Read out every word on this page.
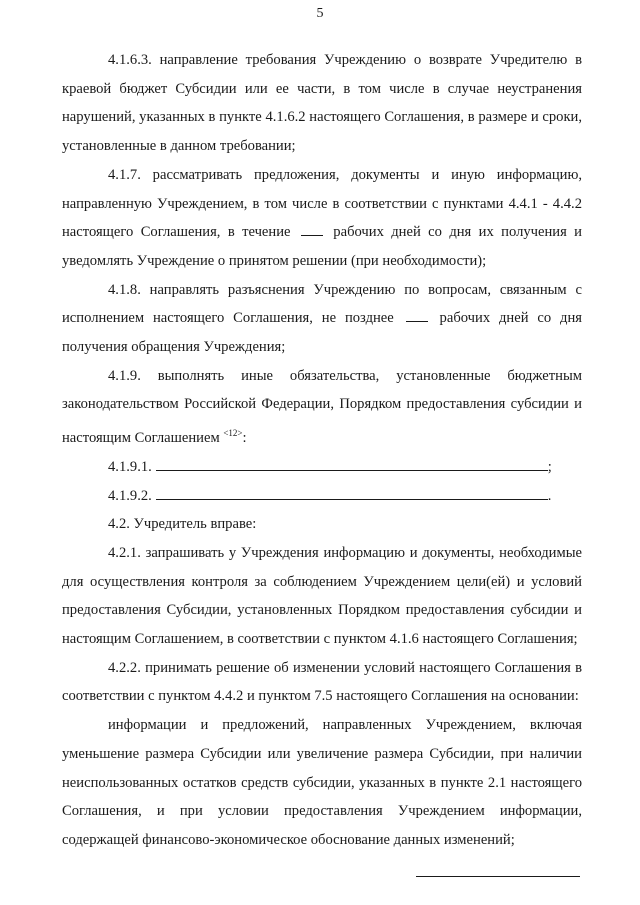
5

4.1.6.3. направление требования Учреждению о возврате Учредителю в краевой бюджет Субсидии или ее части, в том числе в случае неустранения нарушений, указанных в пункте 4.1.6.2 настоящего Соглашения, в размере и сроки, установленные в данном требовании;

4.1.7. рассматривать предложения, документы и иную информацию, направленную Учреждением, в том числе в соответствии с пунктами 4.4.1 - 4.4.2 настоящего Соглашения, в течение	рабочих дней со дня их получения и уведомлять Учреждение о принятом решении (при необходимости);

4.1.8. направлять разъяснения Учреждению по вопросам, связанным с исполнением настоящего Соглашения, не позднее	рабочих дней со дня получения обращения Учреждения;

4.1.9. выполнять иные обязательства, установленные бюджетным законодательством Российской Федерации, Порядком предоставления субсидии и настоящим Соглашением $^{<12>}$:

4.1.9.1.	;
4.1.9.2.	.

4.2. Учредитель вправе:

4.2.1. запрашивать у Учреждения информацию и документы, необходимые для осуществления контроля за соблюдением Учреждением цели(ей) и условий предоставления Субсидии, установленных Порядком предоставления субсидии и настоящим Соглашением, в соответствии с пунктом 4.1.6 настоящего Соглашения;

4.2.2. принимать решение об изменении условий настоящего Соглашения в соответствии с пунктом 4.4.2 и пунктом 7.5 настоящего Соглашения на основании:

информации и предложений, направленных Учреждением, включая уменьшение размера Субсидии или увеличение размера Субсидии, при наличии неиспользованных остатков средств субсидии, указанных в пункте 2.1 настоящего Соглашения, и при условии предоставления Учреждением информации, содержащей финансово-экономическое обоснование данных изменений;
